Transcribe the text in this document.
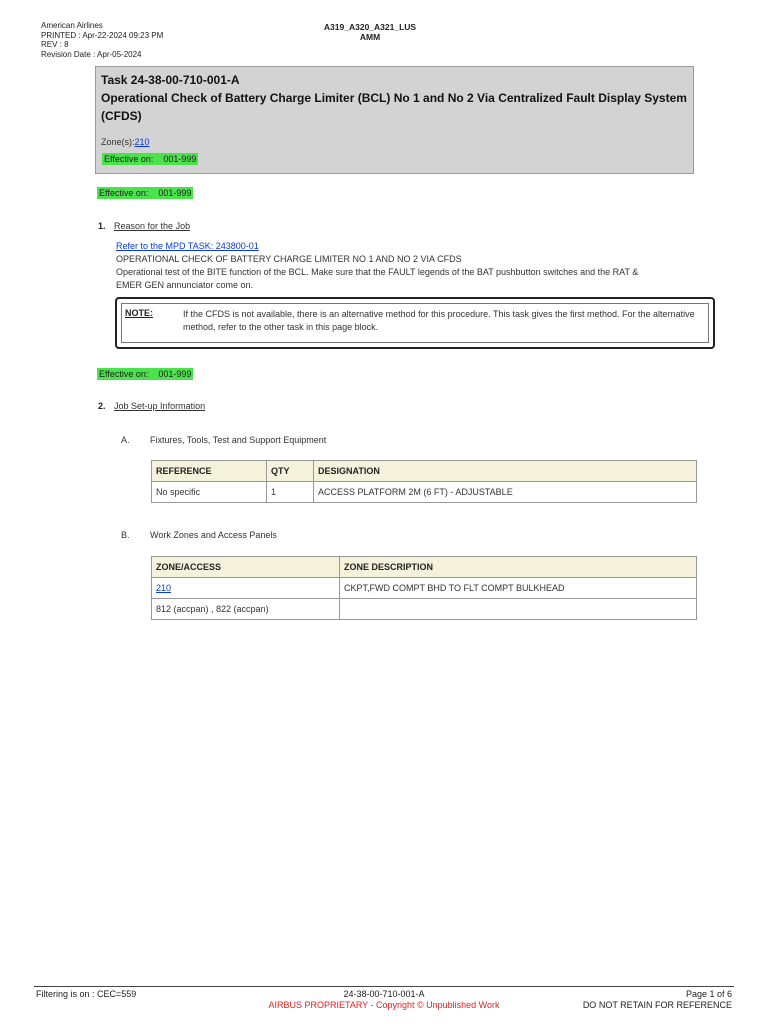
American Airlines
PRINTED : Apr-22-2024 09:23 PM
REV : 8
Revision Date : Apr-05-2024
A319_A320_A321_LUS
AMM
Task 24-38-00-710-001-A
Operational Check of Battery Charge Limiter (BCL) No 1 and No 2 Via Centralized Fault Display System (CFDS)
Zone(s):210
Effective on: 001-999
Effective on: 001-999
1. Reason for the Job
Refer to the MPD TASK: 243800-01
OPERATIONAL CHECK OF BATTERY CHARGE LIMITER NO 1 AND NO 2 VIA CFDS
Operational test of the BITE function of the BCL. Make sure that the FAULT legends of the BAT pushbutton switches and the RAT &
EMER GEN annunciator come on.
NOTE:	If the CFDS is not available, there is an alternative method for this procedure. This task gives the first method. For the alternative method, refer to the other task in this page block.
Effective on: 001-999
2. Job Set-up Information
A. Fixtures, Tools, Test and Support Equipment
REFERENCE	QTY	DESIGNATION
No specific	1	ACCESS PLATFORM 2M (6 FT) - ADJUSTABLE
B. Work Zones and Access Panels
ZONE/ACCESS	ZONE DESCRIPTION
210	CKPT,FWD COMPT BHD TO FLT COMPT BULKHEAD
812 (accpan) , 822 (accpan)	
Filtering is on : CEC=559	24-38-00-710-001-A
AIRBUS PROPRIETARY - Copyright © Unpublished Work
Page 1 of 6
DO NOT RETAIN FOR REFERENCE
